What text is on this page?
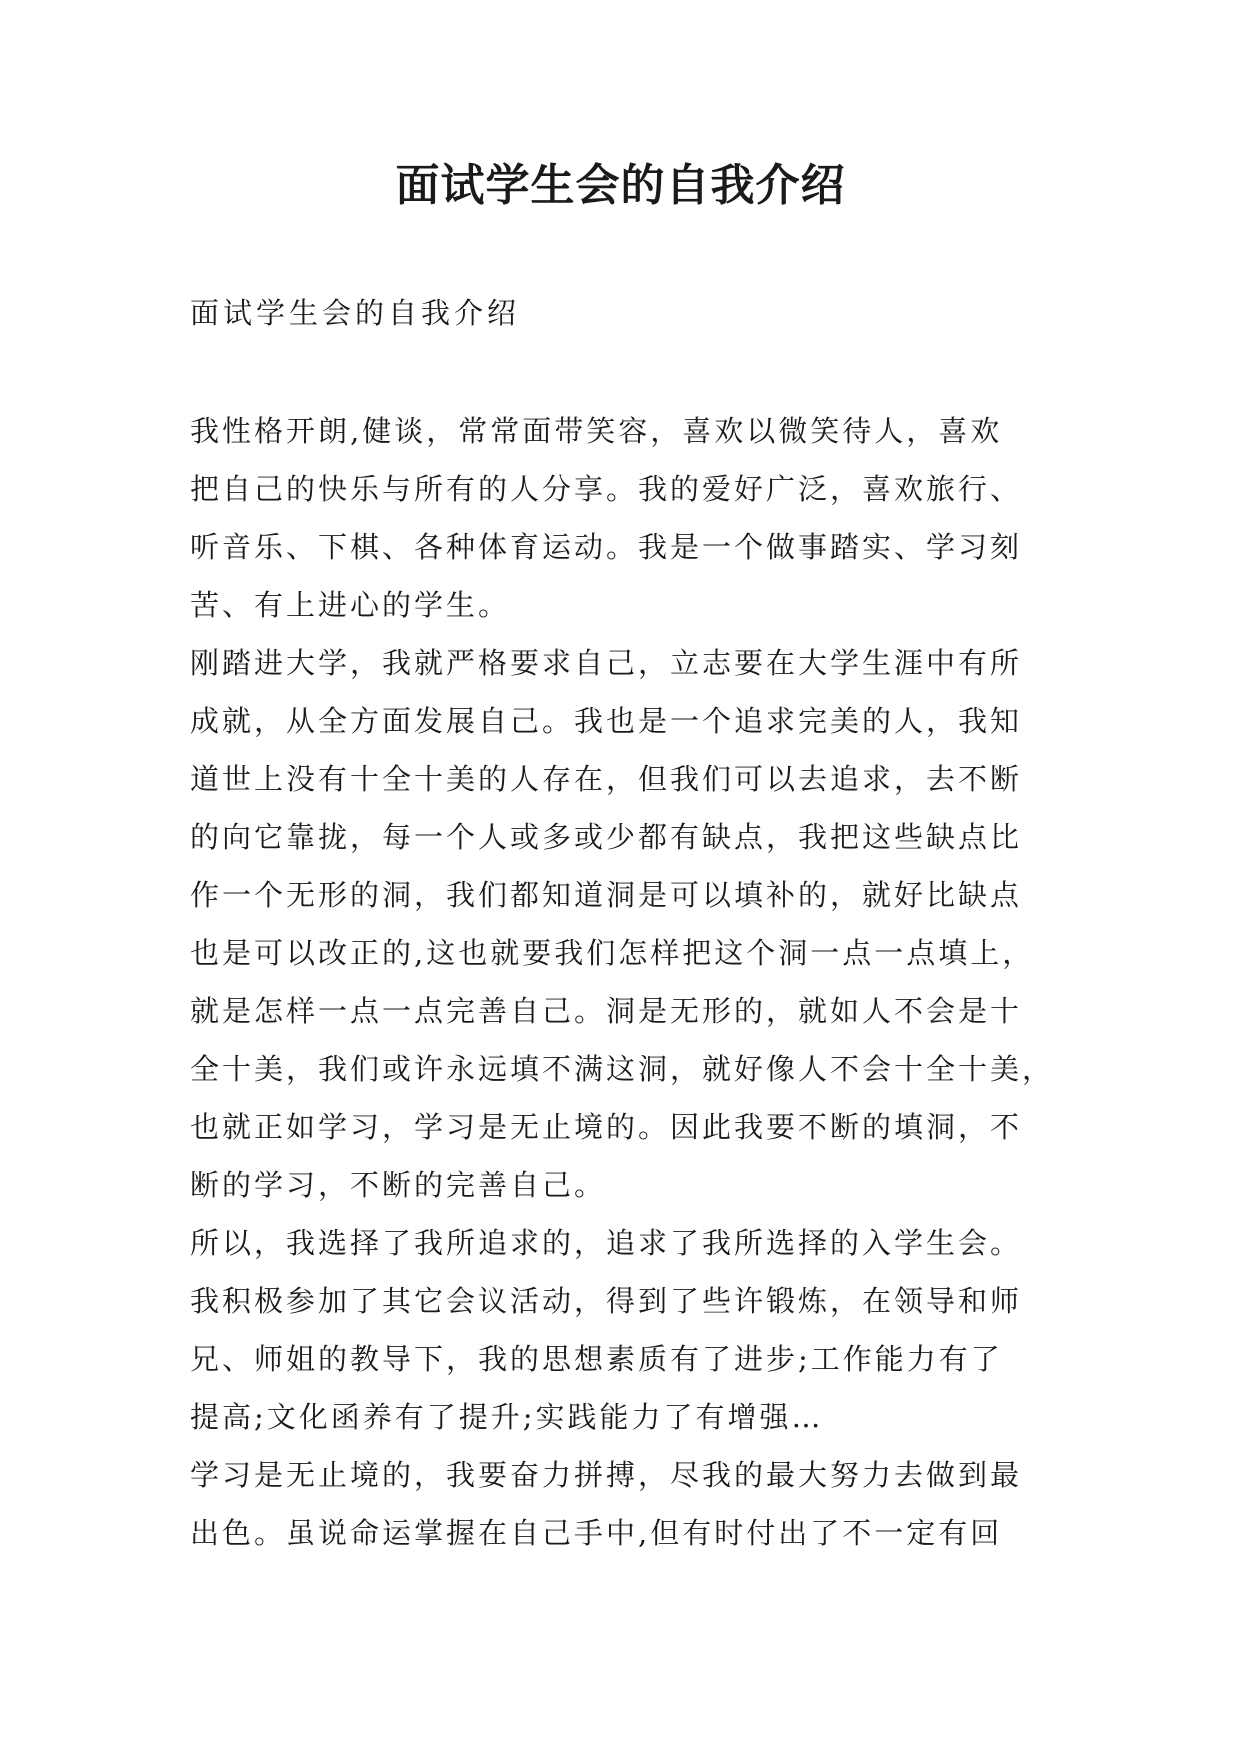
面试学生会的自我介绍
面试学生会的自我介绍
我性格开朗,健谈，常常面带笑容，喜欢以微笑待人，喜欢
把自己的快乐与所有的人分享。我的爱好广泛，喜欢旅行、
听音乐、下棋、各种体育运动。我是一个做事踏实、学习刻
苦、有上进心的学生。
刚踏进大学，我就严格要求自己，立志要在大学生涯中有所
成就，从全方面发展自己。我也是一个追求完美的人，我知
道世上没有十全十美的人存在，但我们可以去追求，去不断
的向它靠拢，每一个人或多或少都有缺点，我把这些缺点比
作一个无形的洞，我们都知道洞是可以填补的，就好比缺点
也是可以改正的,这也就要我们怎样把这个洞一点一点填上，
就是怎样一点一点完善自己。洞是无形的，就如人不会是十
全十美，我们或许永远填不满这洞，就好像人不会十全十美，
也就正如学习，学习是无止境的。因此我要不断的填洞，不
断的学习，不断的完善自己。
所以，我选择了我所追求的，追求了我所选择的入学生会。
我积极参加了其它会议活动，得到了些许锻炼，在领导和师
兄、师姐的教导下，我的思想素质有了进步;工作能力有了
提高;文化函养有了提升;实践能力了有增强…
学习是无止境的，我要奋力拼搏，尽我的最大努力去做到最
出色。虽说命运掌握在自己手中,但有时付出了不一定有回
